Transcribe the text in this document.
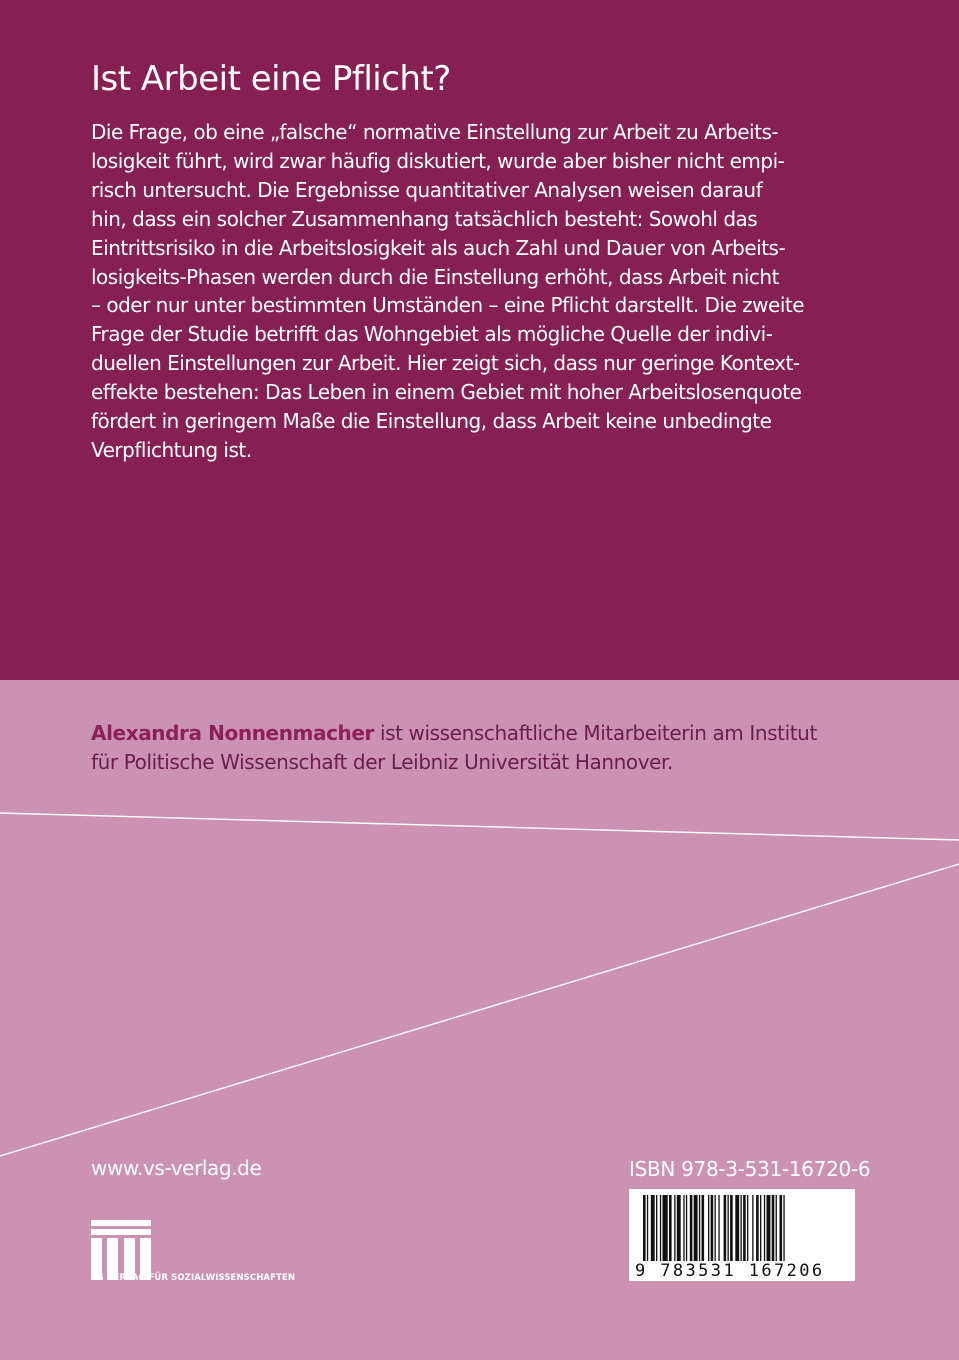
Ist Arbeit eine Pflicht?
Die Frage, ob eine „falsche“ normative Einstellung zur Arbeit zu Arbeits-
losigkeit führt, wird zwar häufig diskutiert, wurde aber bisher nicht empi-
risch untersucht. Die Ergebnisse quantitativer Analysen weisen darauf
hin, dass ein solcher Zusammenhang tatsächlich besteht: Sowohl das
Eintrittsrisiko in die Arbeitslosigkeit als auch Zahl und Dauer von Arbeits-
losigkeits-Phasen werden durch die Einstellung erhöht, dass Arbeit nicht
– oder nur unter bestimmten Umständen – eine Pflicht darstellt. Die zweite
Frage der Studie betrifft das Wohngebiet als mögliche Quelle der indivi-
duellen Einstellungen zur Arbeit. Hier zeigt sich, dass nur geringe Kontext-
effekte bestehen: Das Leben in einem Gebiet mit hoher Arbeitslosenquote
fördert in geringem Maße die Einstellung, dass Arbeit keine unbedingte
Verpflichtung ist.
Alexandra Nonnenmacher ist wissenschaftliche Mitarbeiterin am Institut
für Politische Wissenschaft der Leibniz Universität Hannover.
www.vs-verlag.de
VS VERLAG FÜR SOZIALWISSENSCHAFTEN
ISBN 978-3-531-16720-6
9 783531 167206
